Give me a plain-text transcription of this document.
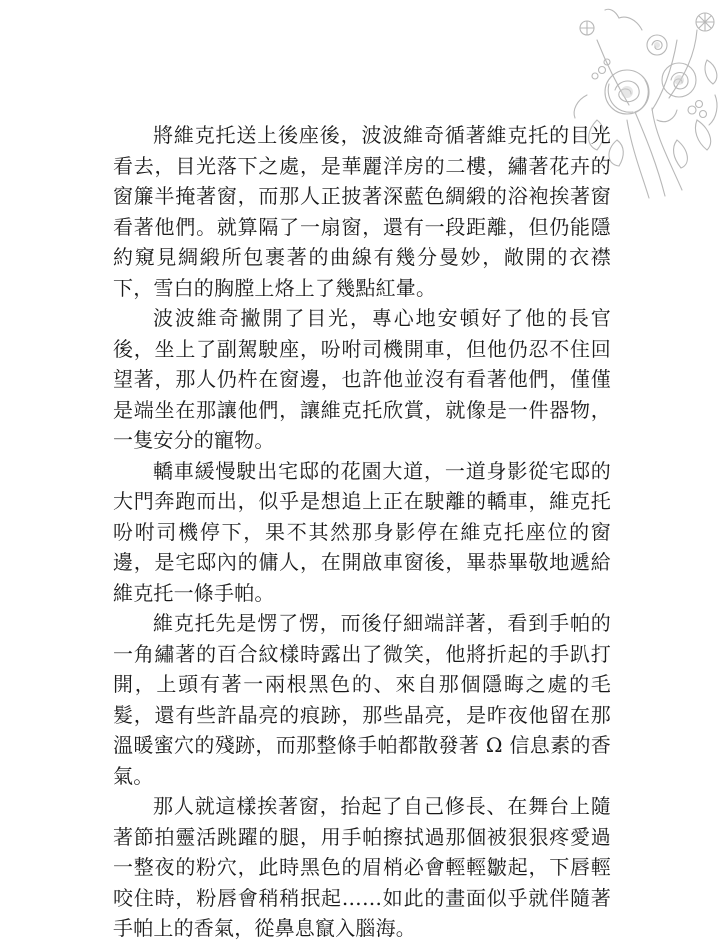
將維克托送上後座後，波波維奇循著維克托的目光看去，目光落下之處，是華麗洋房的二樓，繡著花卉的窗簾半掩著窗，而那人正披著深藍色綢緞的浴袍挨著窗看著他們。就算隔了一扇窗，還有一段距離，但仍能隱約窺見綢緞所包裹著的曲線有幾分曼妙，敞開的衣襟下，雪白的胸膛上烙上了幾點紅暈。

波波維奇撇開了目光，專心地安頓好了他的長官後，坐上了副駕駛座，吩咐司機開車，但他仍忍不住回望著，那人仍杵在窗邊，也許他並沒有看著他們，僅僅是端坐在那讓他們，讓維克托欣賞，就像是一件器物，一隻安分的寵物。

轎車緩慢駛出宅邸的花園大道，一道身影從宅邸的大門奔跑而出，似乎是想追上正在駛離的轎車，維克托吩咐司機停下，果不其然那身影停在維克托座位的窗邊，是宅邸內的傭人，在開啟車窗後，畢恭畢敬地遞給維克托一條手帕。

維克托先是愣了愣，而後仔細端詳著，看到手帕的一角繡著的百合紋樣時露出了微笑，他將折起的手趴打開，上頭有著一兩根黑色的、來自那個隱晦之處的毛髮，還有些許晶亮的痕跡，那些晶亮，是昨夜他留在那溫暖蜜穴的殘跡，而那整條手帕都散發著 Ω 信息素的香氣。

那人就這樣挨著窗，抬起了自己修長、在舞台上隨著節拍靈活跳躍的腿，用手帕擦拭過那個被狠狠疼愛過一整夜的粉穴，此時黑色的眉梢必會輕輕皺起，下唇輕咬住時，粉唇會稍稍抿起……如此的畫面似乎就伴隨著手帕上的香氣，從鼻息竄入腦海。
